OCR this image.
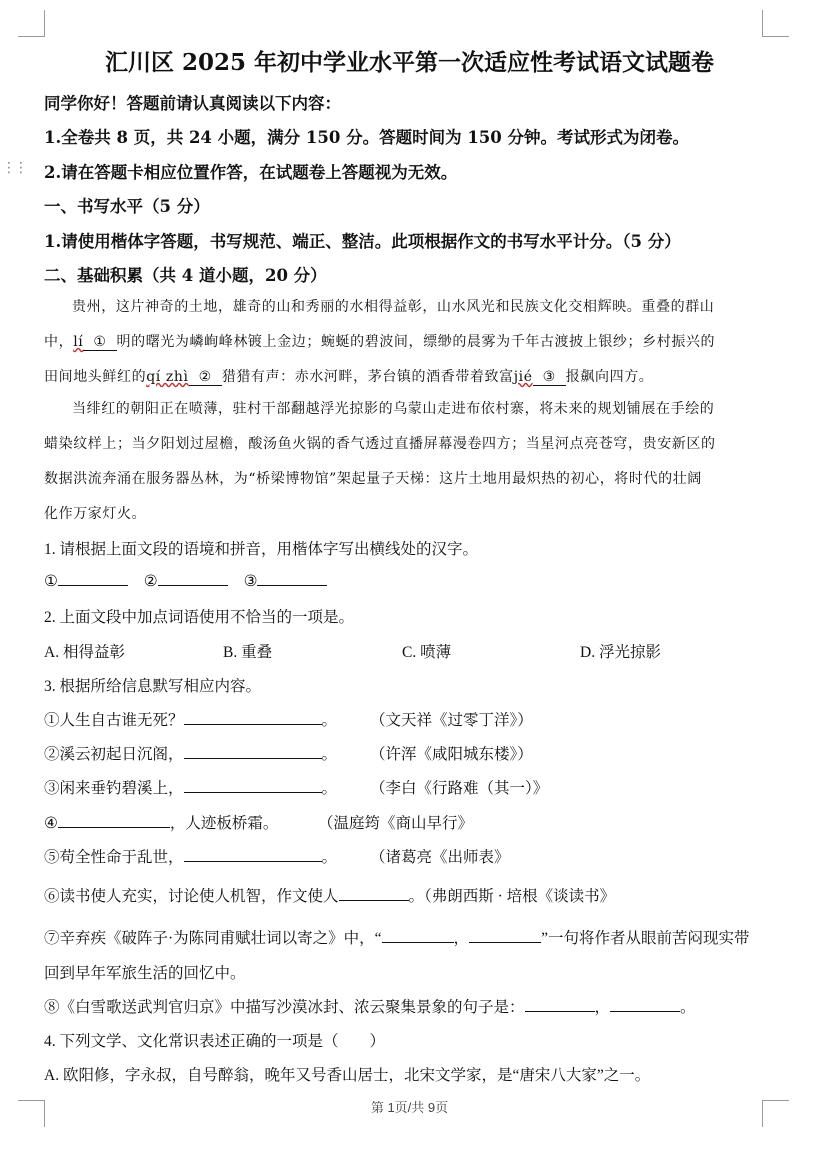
⋮⋮
汇川区 2025 年初中学业水平第一次适应性考试语文试题卷
同学你好！答题前请认真阅读以下内容：
1.全卷共 8 页，共 24 小题，满分 150 分。答题时间为 150 分钟。考试形式为闭卷。
2.请在答题卡相应位置作答，在试题卷上答题视为无效。
一、书写水平（5 分）
1.请使用楷体字答题，书写规范、端正、整洁。此项根据作文的书写水平计分。（5 分）
二、基础积累（共 4 道小题，20 分）
贵州，这片神奇的土地，雄奇的山和秀丽的水相得益彰，山水风光和民族文化交相辉映。重叠的群山
中，lí ① 明的曙光为嶙峋峰林镀上金边；蜿蜒的碧波间，缥缈的晨雾为千年古渡披上银纱；乡村振兴的
田间地头鲜红的qí zhì ② 猎猎有声：赤水河畔，茅台镇的酒香带着致富jié ③ 报飙向四方。
当绯红的朝阳正在喷薄，驻村干部翻越浮光掠影的乌蒙山走进布依村寨，将未来的规划铺展在手绘的
蜡染纹样上；当夕阳划过屋檐，酸汤鱼火锅的香气透过直播屏幕漫卷四方；当星河点亮苍穹，贵安新区的
数据洪流奔涌在服务器丛林，为“桥梁博物馆”架起量子天梯：这片土地用最炽热的初心，将时代的壮阔
化作万家灯火。
1. 请根据上面文段的语境和拼音，用楷体字写出横线处的汉字。
①	②	③
2. 上面文段中加点词语使用不恰当的一项是。
A. 相得益彰	B. 重叠	C. 喷薄	D. 浮光掠影
3. 根据所给信息默写相应内容。
①人生自古谁无死？	。 （文天祥《过零丁洋》）
②溪云初起日沉阁，	。 （许浑《咸阳城东楼》）
③闲来垂钓碧溪上，	。 （李白《行路难（其一）》
④	，人迹板桥霜。	（温庭筠《商山早行》
⑤苟全性命于乱世，	。 （诸葛亮《出师表》
⑥读书使人充实，讨论使人机智，作文使人	。（弗朗西斯 · 培根《谈读书》
⑦辛弃疾《破阵子·为陈同甫赋壮词以寄之》中，“	，	”一句将作者从眼前苦闷现实带
回到早年军旅生活的回忆中。
⑧《白雪歌送武判官归京》中描写沙漠冰封、浓云聚集景象的句子是：	，	。
4. 下列文学、文化常识表述正确的一项是（　　）
A. 欧阳修，字永叔，自号醉翁，晚年又号香山居士，北宋文学家，是“唐宋八大家”之一。
第 1页/共 9页
